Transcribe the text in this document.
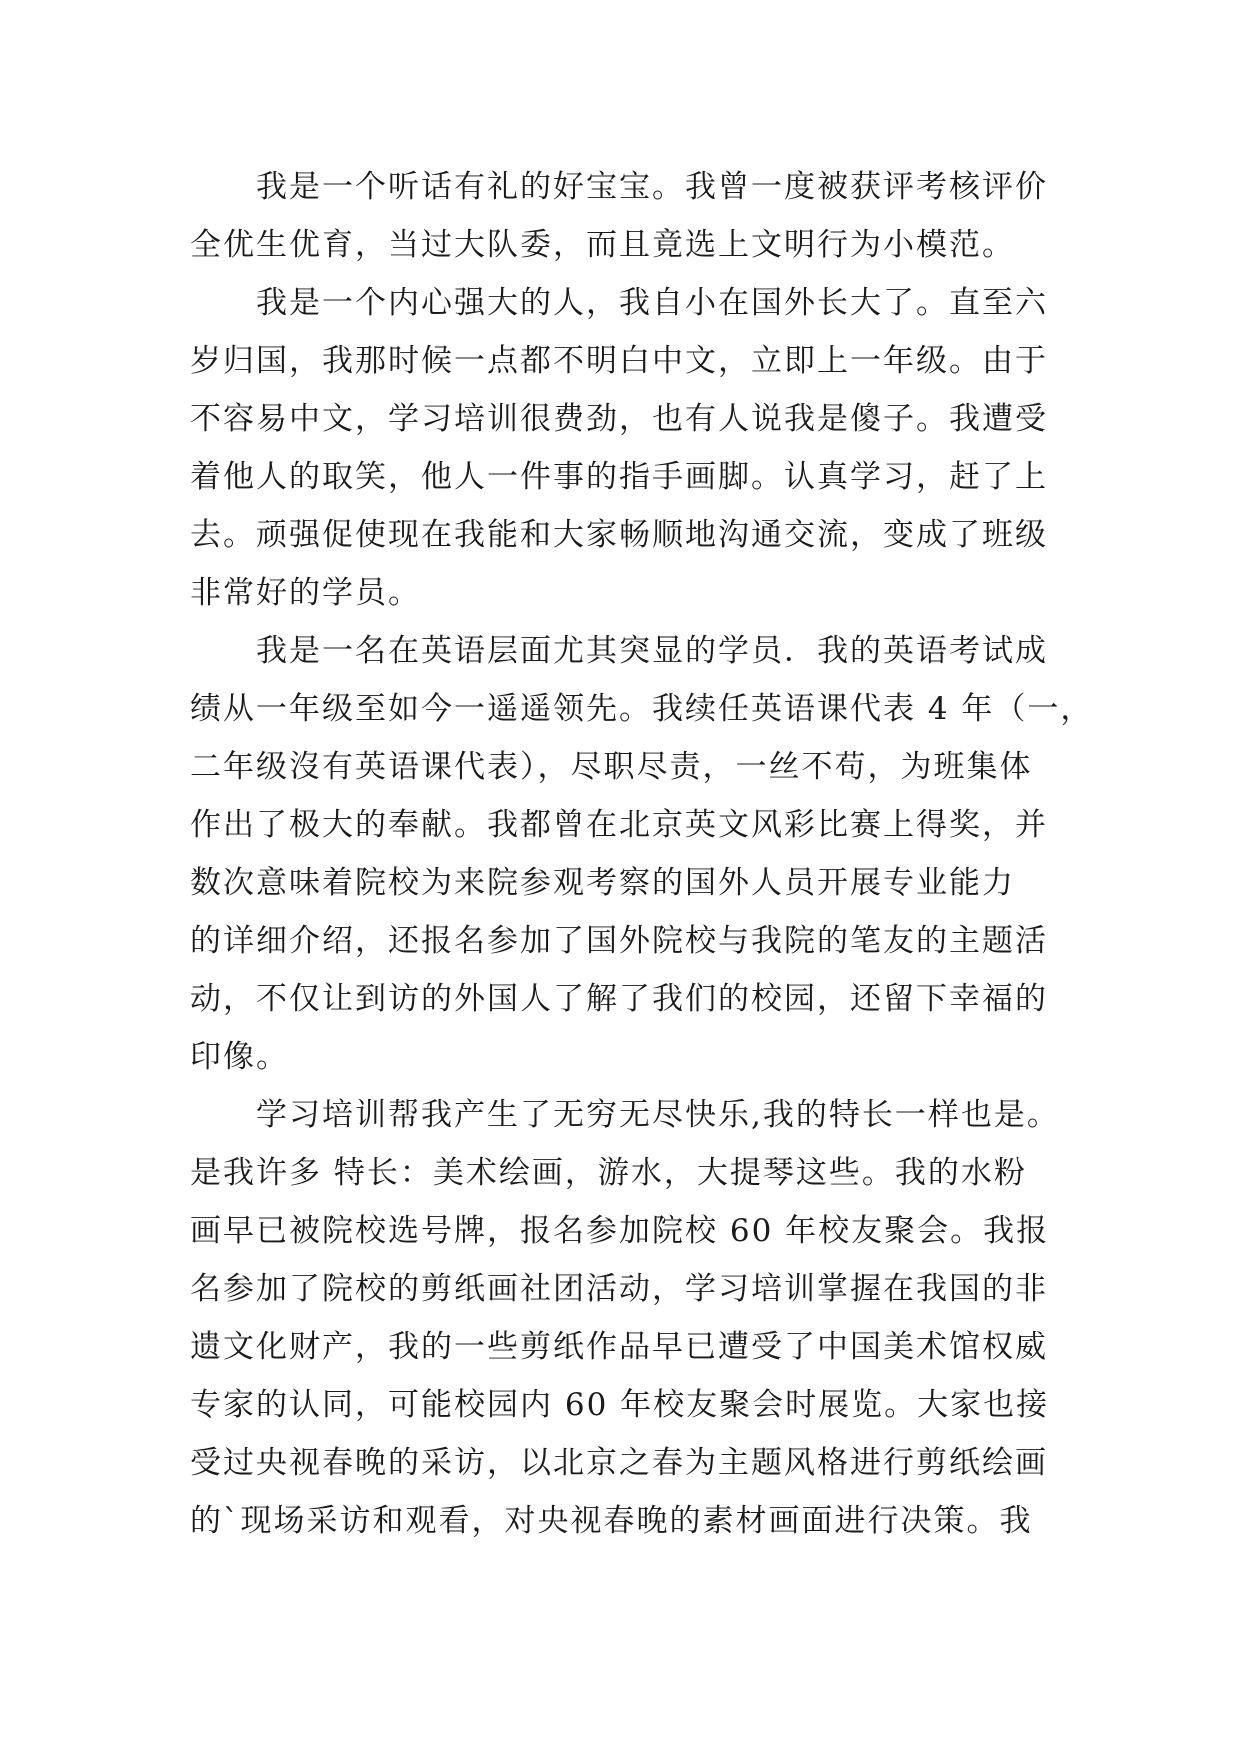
我是一个听话有礼的好宝宝。我曾一度被获评考核评价
全优生优育，当过大队委，而且竟选上文明行为小模范。

我是一个内心强大的人，我自小在国外长大了。直至六
岁归国，我那时候一点都不明白中文，立即上一年级。由于
不容易中文，学习培训很费劲，也有人说我是傻子。我遭受
着他人的取笑，他人一件事的指手画脚。认真学习，赶了上
去。顽强促使现在我能和大家畅顺地沟通交流，变成了班级
非常好的学员。

我是一名在英语层面尤其突显的学员．我的英语考试成
绩从一年级至如今一遥遥领先。我续任英语课代表 4 年（一，
二年级沒有英语课代表），尽职尽责，一丝不苟，为班集体
作出了极大的奉献。我都曾在北京英文风彩比赛上得奖，并
数次意味着院校为来院参观考察的国外人员开展专业能力
的详细介绍，还报名参加了国外院校与我院的笔友的主题活
动，不仅让到访的外国人了解了我们的校园，还留下幸福的
印像。

学习培训帮我产生了无穷无尽快乐,我的特长一样也是。
是我许多 特长：美术绘画，游水，大提琴这些。我的水粉
画早已被院校选号牌，报名参加院校 60 年校友聚会。我报
名参加了院校的剪纸画社团活动，学习培训掌握在我国的非
遗文化财产，我的一些剪纸作品早已遭受了中国美术馆权威
专家的认同，可能校园内 60 年校友聚会时展览。大家也接
受过央视春晚的采访，以北京之春为主题风格进行剪纸绘画
的`现场采访和观看，对央视春晚的素材画面进行决策。我
